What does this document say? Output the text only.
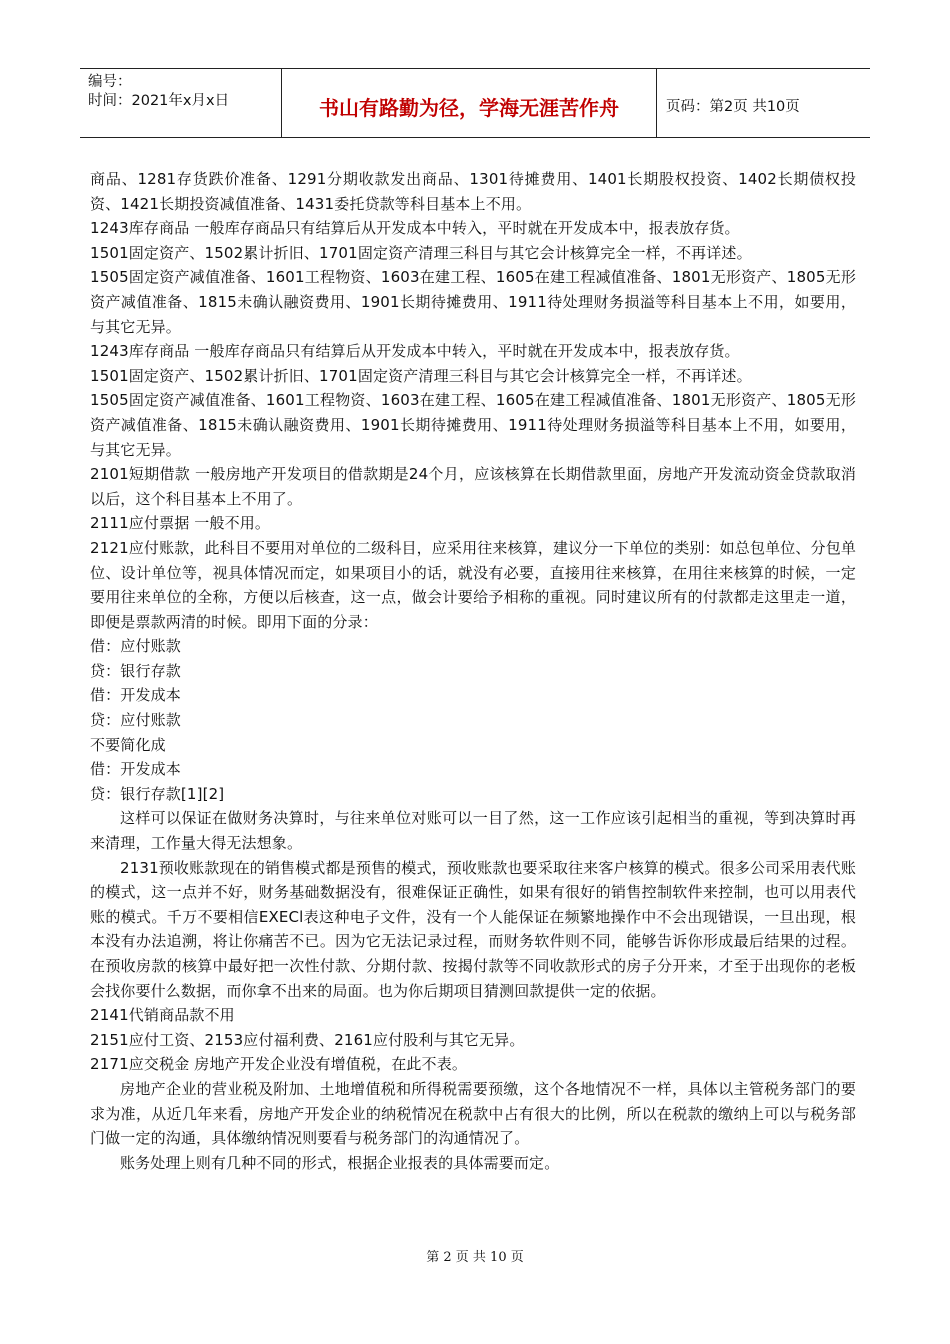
编号：
时间：2021年x月x日	书山有路勤为径，学海无涯苦作舟	页码：第2页 共10页

商品、1281存货跌价准备、1291分期收款发出商品、1301待摊费用、1401长期股权投资、1402长期债权投资、1421长期投资减值准备、1431委托贷款等科目基本上不用。

1243库存商品 一般库存商品只有结算后从开发成本中转入，平时就在开发成本中，报表放存货。

1501固定资产、1502累计折旧、1701固定资产清理三科目与其它会计核算完全一样，不再详述。

1505固定资产减值准备、1601工程物资、1603在建工程、1605在建工程减值准备、1801无形资产、1805无形资产减值准备、1815未确认融资费用、1901长期待摊费用、1911待处理财务损溢等科目基本上不用，如要用，与其它无异。

1243库存商品 一般库存商品只有结算后从开发成本中转入，平时就在开发成本中，报表放存货。

1501固定资产、1502累计折旧、1701固定资产清理三科目与其它会计核算完全一样，不再详述。

1505固定资产减值准备、1601工程物资、1603在建工程、1605在建工程减值准备、1801无形资产、1805无形资产减值准备、1815未确认融资费用、1901长期待摊费用、1911待处理财务损溢等科目基本上不用，如要用，与其它无异。

2101短期借款 一般房地产开发项目的借款期是24个月，应该核算在长期借款里面，房地产开发流动资金贷款取消以后，这个科目基本上不用了。

2111应付票据 一般不用。

2121应付账款，此科目不要用对单位的二级科目，应采用往来核算，建议分一下单位的类别：如总包单位、分包单位、设计单位等，视具体情况而定，如果项目小的话，就没有必要，直接用往来核算，在用往来核算的时候，一定要用往来单位的全称，方便以后核查，这一点，做会计要给予相称的重视。同时建议所有的付款都走这里走一道，即便是票款两清的时候。即用下面的分录：

借：应付账款

贷：银行存款

借：开发成本

贷：应付账款

不要简化成

借：开发成本

贷：银行存款[1][2]

这样可以保证在做财务决算时，与往来单位对账可以一目了然，这一工作应该引起相当的重视，等到决算时再来清理，工作量大得无法想象。

2131预收账款现在的销售模式都是预售的模式，预收账款也要采取往来客户核算的模式。很多公司采用表代账的模式，这一点并不好，财务基础数据没有，很难保证正确性，如果有很好的销售控制软件来控制，也可以用表代账的模式。千万不要相信EXECl表这种电子文件，没有一个人能保证在频繁地操作中不会出现错误，一旦出现，根本没有办法追溯，将让你痛苦不已。因为它无法记录过程，而财务软件则不同，能够告诉你形成最后结果的过程。在预收房款的核算中最好把一次性付款、分期付款、按揭付款等不同收款形式的房子分开来，才至于出现你的老板会找你要什么数据，而你拿不出来的局面。也为你后期项目猜测回款提供一定的依据。

2141代销商品款不用

2151应付工资、2153应付福利费、2161应付股利与其它无异。

2171应交税金 房地产开发企业没有增值税，在此不表。

房地产企业的营业税及附加、土地增值税和所得税需要预缴，这个各地情况不一样，具体以主管税务部门的要求为准，从近几年来看，房地产开发企业的纳税情况在税款中占有很大的比例，所以在税款的缴纳上可以与税务部门做一定的沟通，具体缴纳情况则要看与税务部门的沟通情况了。

账务处理上则有几种不同的形式，根据企业报表的具体需要而定。

第 2 页 共 10 页
